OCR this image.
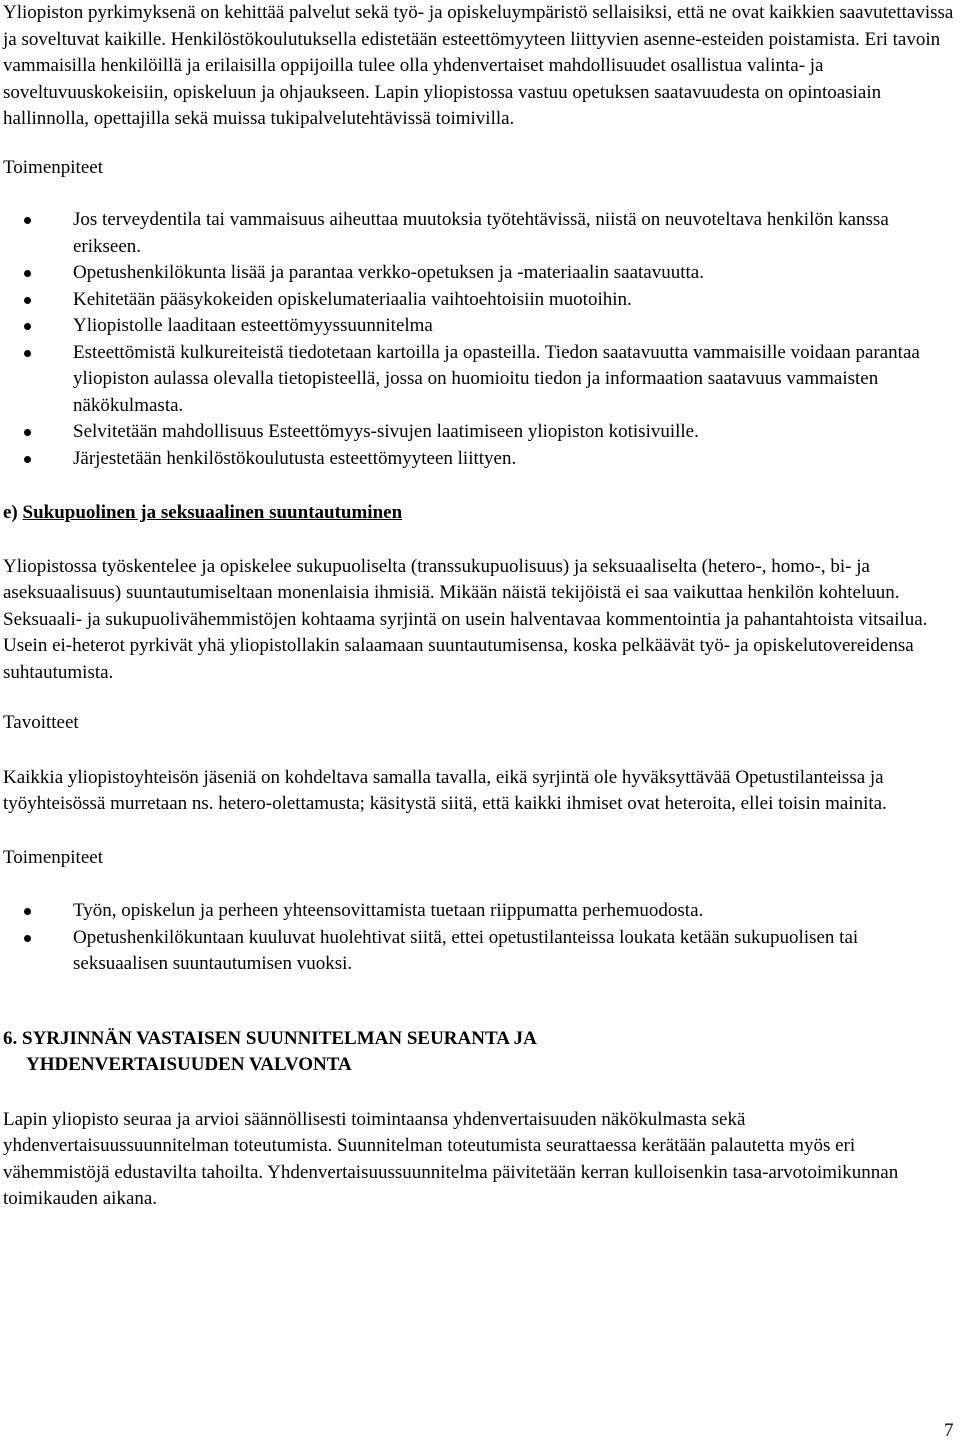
Yliopiston pyrkimyksenä on kehittää palvelut sekä työ- ja opiskeluympäristö sellaisiksi, että ne ovat kaikkien saavutettavissa ja soveltuvat kaikille. Henkilöstökoulutuksella edistetään esteettömyyteen liittyvien asenne-esteiden poistamista. Eri tavoin vammaisilla henkilöillä ja erilaisilla oppijoilla tulee olla yhdenvertaiset mahdollisuudet osallistua valinta- ja soveltuvuuskokeisiin, opiskeluun ja ohjaukseen. Lapin yliopistossa vastuu opetuksen saatavuudesta on opintoasiain hallinnolla, opettajilla sekä muissa tukipalvelutehtävissä toimivilla.

Toimenpiteet

Jos terveydentila tai vammaisuus aiheuttaa muutoksia työtehtävissä, niistä on neuvoteltava henkilön kanssa erikseen.
Opetushenkilökunta lisää ja parantaa verkko-opetuksen ja -materiaalin saatavuutta.
Kehitetään pääsykokeiden opiskelumateriaalia vaihtoehtoisiin muotoihin.
Yliopistolle laaditaan esteettömyyssuunnitelma
Esteettömistä kulkureiteistä tiedotetaan kartoilla ja opasteilla. Tiedon saatavuutta vammaisille voidaan parantaa yliopiston aulassa olevalla tietopisteellä, jossa on huomioitu tiedon ja informaation saatavuus vammaisten näkökulmasta.
Selvitetään mahdollisuus Esteettömyys-sivujen laatimiseen yliopiston kotisivuille.
Järjestetään henkilöstökoulutusta esteettömyyteen liittyen.

e) Sukupuolinen ja seksuaalinen suuntautuminen

Yliopistossa työskentelee ja opiskelee sukupuoliselta (transsukupuolisuus) ja seksuaaliselta (hetero-, homo-, bi- ja aseksuaalisuus) suuntautumiseltaan monenlaisia ihmisiä. Mikään näistä tekijöistä ei saa vaikuttaa henkilön kohteluun. Seksuaali- ja sukupuolivähemmistöjen kohtaama syrjintä on usein halventavaa kommentointia ja pahantahtoista vitsailua. Usein ei-heterot pyrkivät yhä yliopistollakin salaamaan suuntautumisensa, koska pelkäävät työ- ja opiskelutovereidensa suhtautumista.

Tavoitteet

Kaikkia yliopistoyhteisön jäseniä on kohdeltava samalla tavalla, eikä syrjintä ole hyväksyttävää Opetustilanteissa ja työyhteisössä murretaan ns. hetero-olettamusta; käsitystä siitä, että kaikki ihmiset ovat heteroita, ellei toisin mainita.

Toimenpiteet

Työn, opiskelun ja perheen yhteensovittamista tuetaan riippumatta perhemuodosta.
Opetushenkilökuntaan kuuluvat huolehtivat siitä, ettei opetustilanteissa loukata ketään sukupuolisen tai seksuaalisen suuntautumisen vuoksi.

6. SYRJINNÄN VASTAISEN SUUNNITELMAN SEURANTA JA
YHDENVERTAISUUDEN VALVONTA

Lapin yliopisto seuraa ja arvioi säännöllisesti toimintaansa yhdenvertaisuuden näkökulmasta sekä yhdenvertaisuussuunnitelman toteutumista. Suunnitelman toteutumista seurattaessa kerätään palautetta myös eri vähemmistöjä edustavilta tahoilta. Yhdenvertaisuussuunnitelma päivitetään kerran kulloisenkin tasa-arvotoimikunnan toimikauden aikana.

7
